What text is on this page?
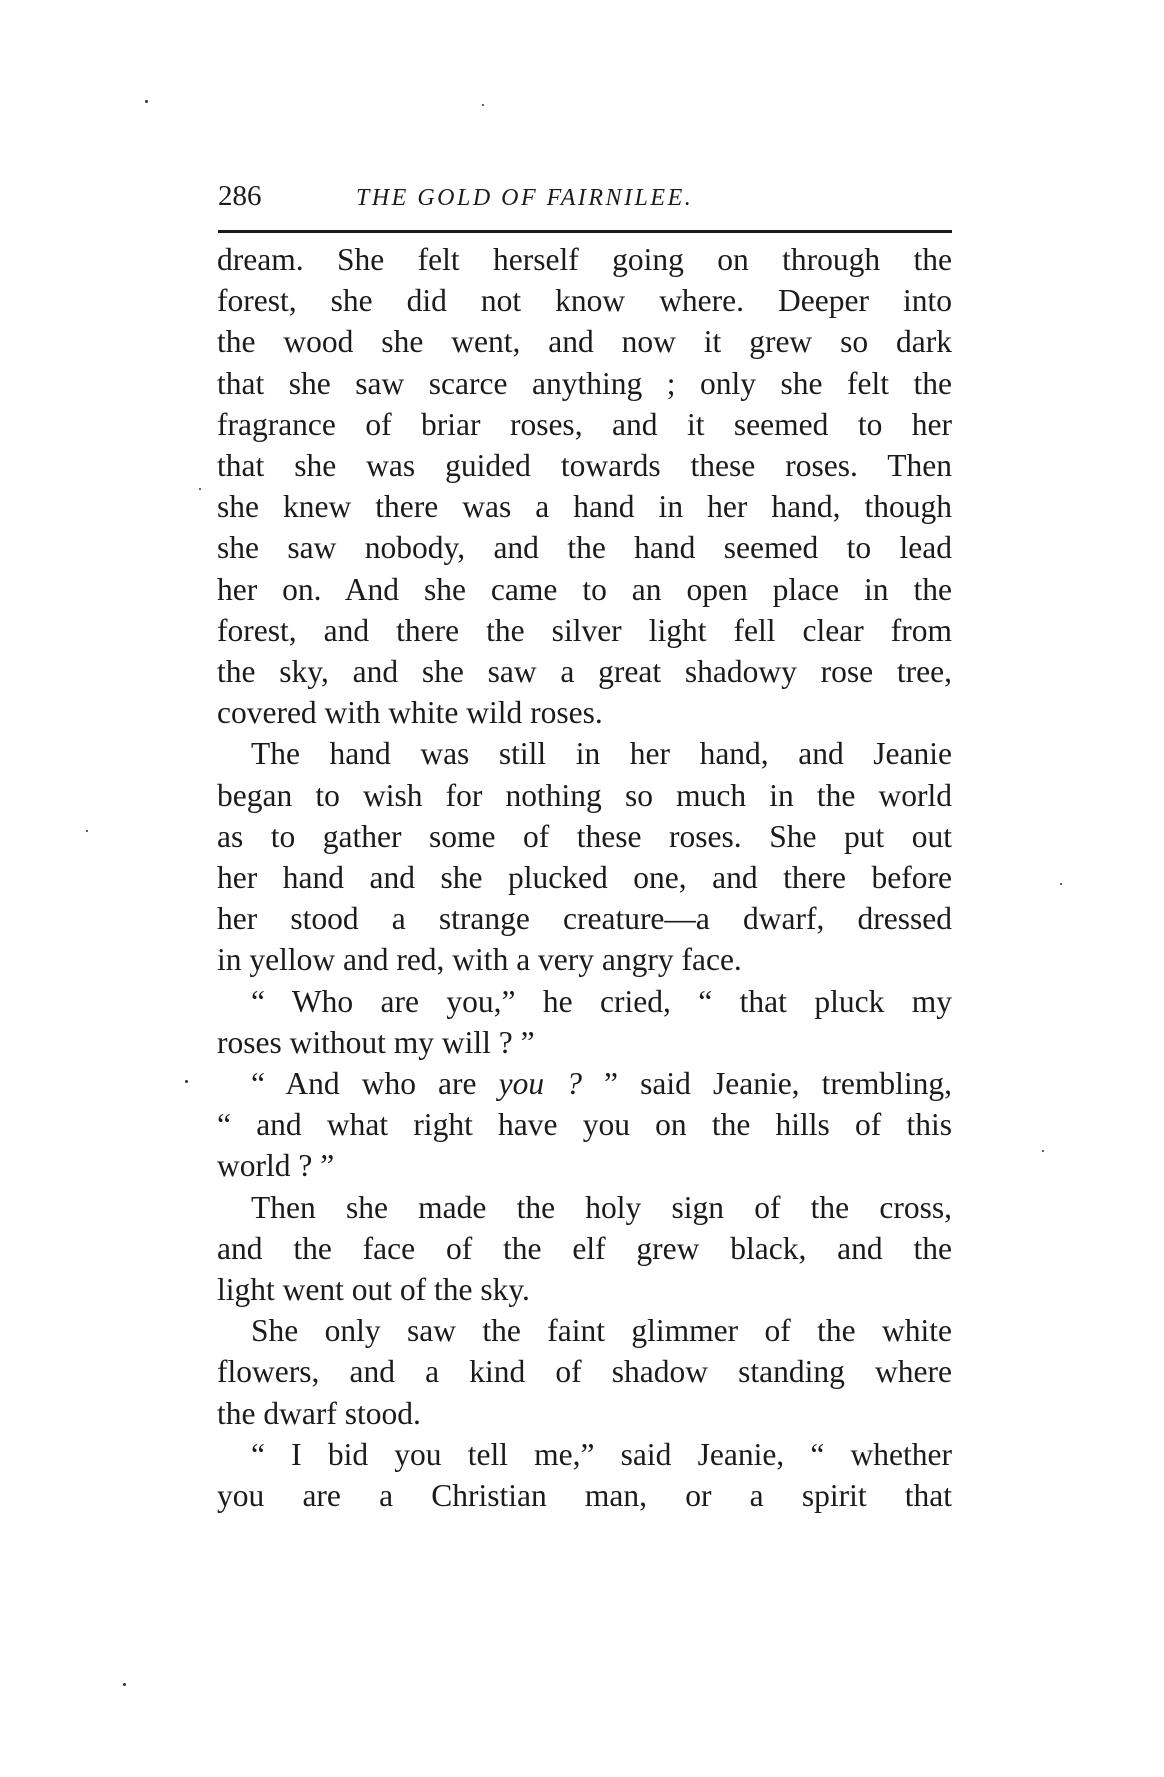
286	THE GOLD OF FAIRNILEE.
dream. She felt herself going on through the
forest, she did not know where. Deeper into
the wood she went, and now it grew so dark
that she saw scarce anything ; only she felt the
fragrance of briar roses, and it seemed to her
that she was guided towards these roses. Then
she knew there was a hand in her hand, though
she saw nobody, and the hand seemed to lead
her on. And she came to an open place in the
forest, and there the silver light fell clear from
the sky, and she saw a great shadowy rose tree,
covered with white wild roses.
The hand was still in her hand, and Jeanie
began to wish for nothing so much in the world
as to gather some of these roses. She put out
her hand and she plucked one, and there before
her stood a strange creature—a dwarf, dressed
in yellow and red, with a very angry face.
“ Who are you,” he cried, “ that pluck my
roses without my will ? ”
“ And who are you ? ” said Jeanie, trembling,
“ and what right have you on the hills of this
world ? ”
Then she made the holy sign of the cross,
and the face of the elf grew black, and the
light went out of the sky.
She only saw the faint glimmer of the white
flowers, and a kind of shadow standing where
the dwarf stood.
“ I bid you tell me,” said Jeanie, “ whether
you are a Christian man, or a spirit that
